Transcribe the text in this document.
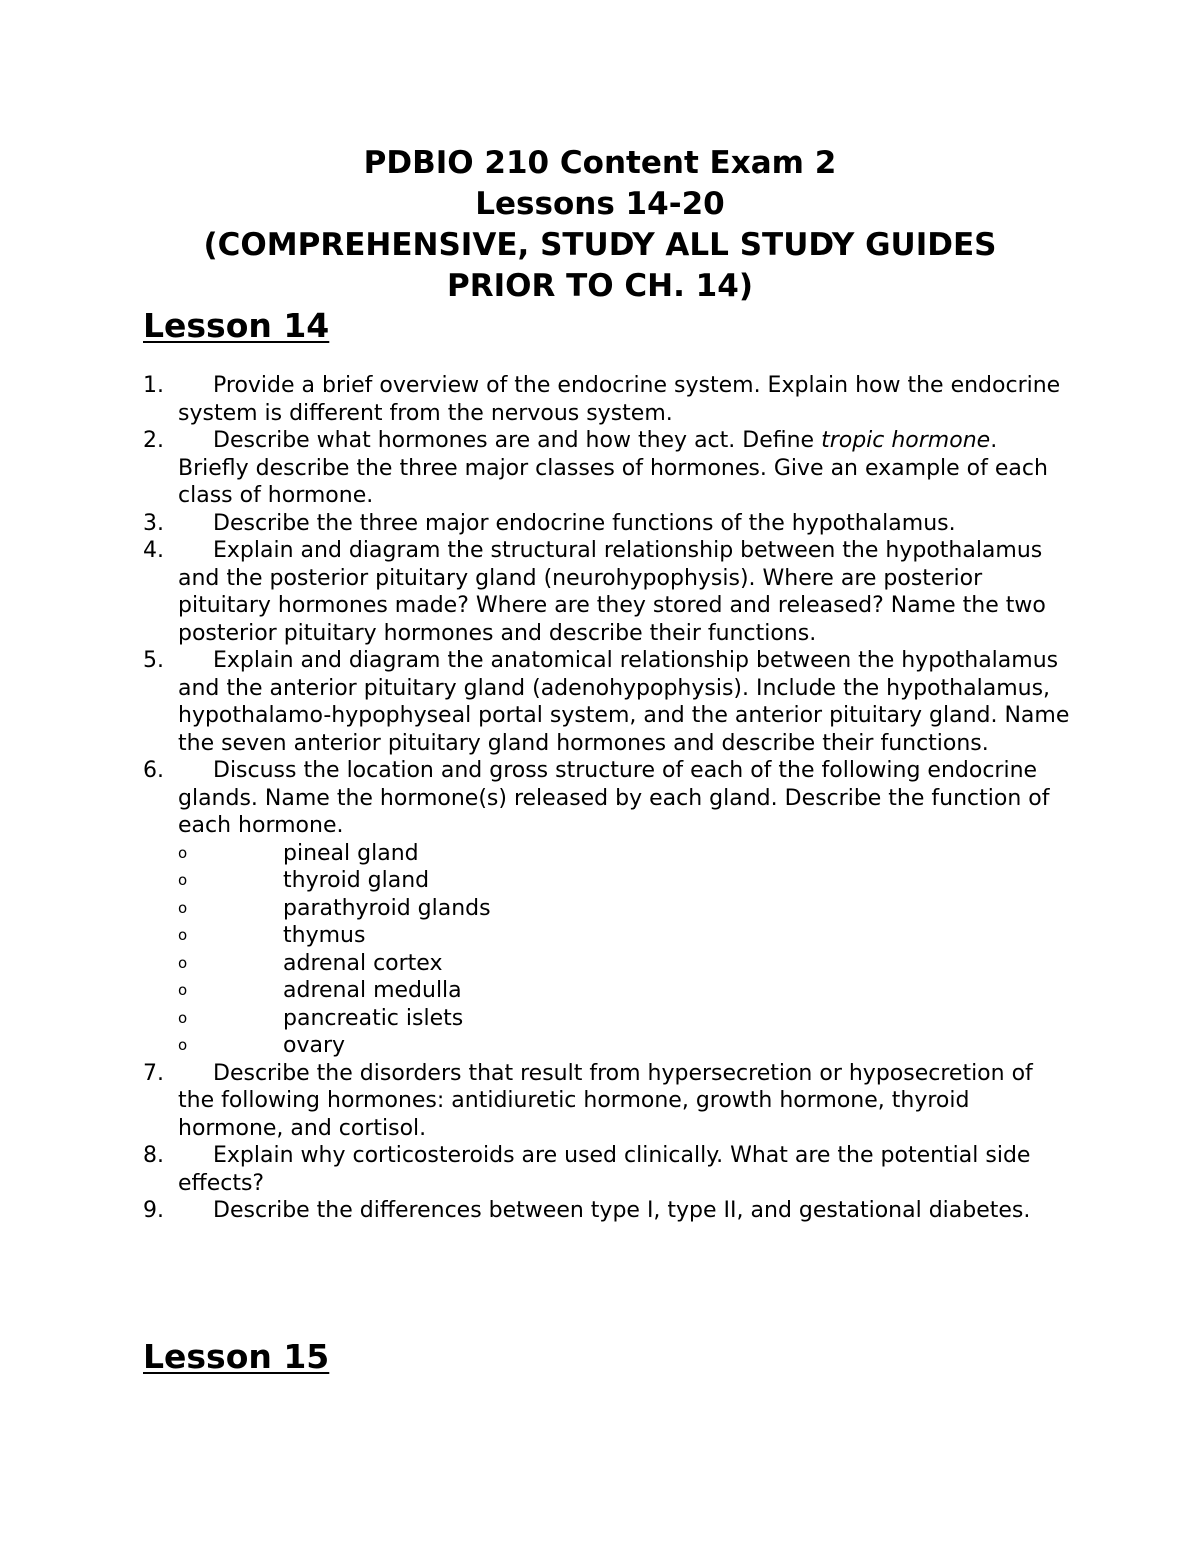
PDBIO 210 Content Exam 2
Lessons 14-20
(COMPREHENSIVE, STUDY ALL STUDY GUIDES
PRIOR TO CH. 14)
Lesson 14
1.	Provide a brief overview of the endocrine system. Explain how the endocrine system is different from the nervous system.
2.	Describe what hormones are and how they act. Define tropic hormone. Briefly describe the three major classes of hormones. Give an example of each class of hormone.
3.	Describe the three major endocrine functions of the hypothalamus.
4.	Explain and diagram the structural relationship between the hypothalamus and the posterior pituitary gland (neurohypophysis). Where are posterior pituitary hormones made? Where are they stored and released? Name the two posterior pituitary hormones and describe their functions.
5.	Explain and diagram the anatomical relationship between the hypothalamus and the anterior pituitary gland (adenohypophysis). Include the hypothalamus, hypothalamo-hypophyseal portal system, and the anterior pituitary gland. Name the seven anterior pituitary gland hormones and describe their functions.
6.	Discuss the location and gross structure of each of the following endocrine glands. Name the hormone(s) released by each gland. Describe the function of each hormone.
o	pineal gland
o	thyroid gland
o	parathyroid glands
o	thymus
o	adrenal cortex
o	adrenal medulla
o	pancreatic islets
o	ovary
7.	Describe the disorders that result from hypersecretion or hyposecretion of the following hormones: antidiuretic hormone, growth hormone, thyroid hormone, and cortisol.
8.	Explain why corticosteroids are used clinically. What are the potential side effects?
9.	Describe the differences between type I, type II, and gestational diabetes.
Lesson 15
